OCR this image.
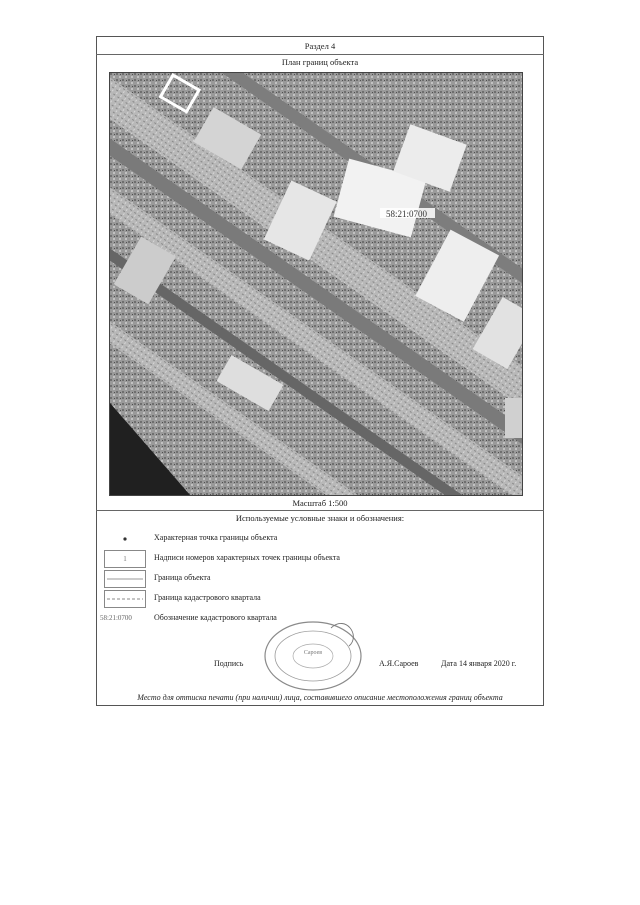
Раздел 4
План границ объекта
58:21:0700
Масштаб 1:500
Используемые условные знаки и обозначения:
Характерная точка границы объекта
1	Надписи номеров характерных точек границы объекта
Граница объекта
Граница кадастрового квартала
58:21:0700	Обозначение кадастрового квартала
Сароев
Подпись	А.Я.Сароев	Дата 14 января 2020 г.
Место для оттиска печати (при наличии) лица, составившего описание местоположения границ объекта
